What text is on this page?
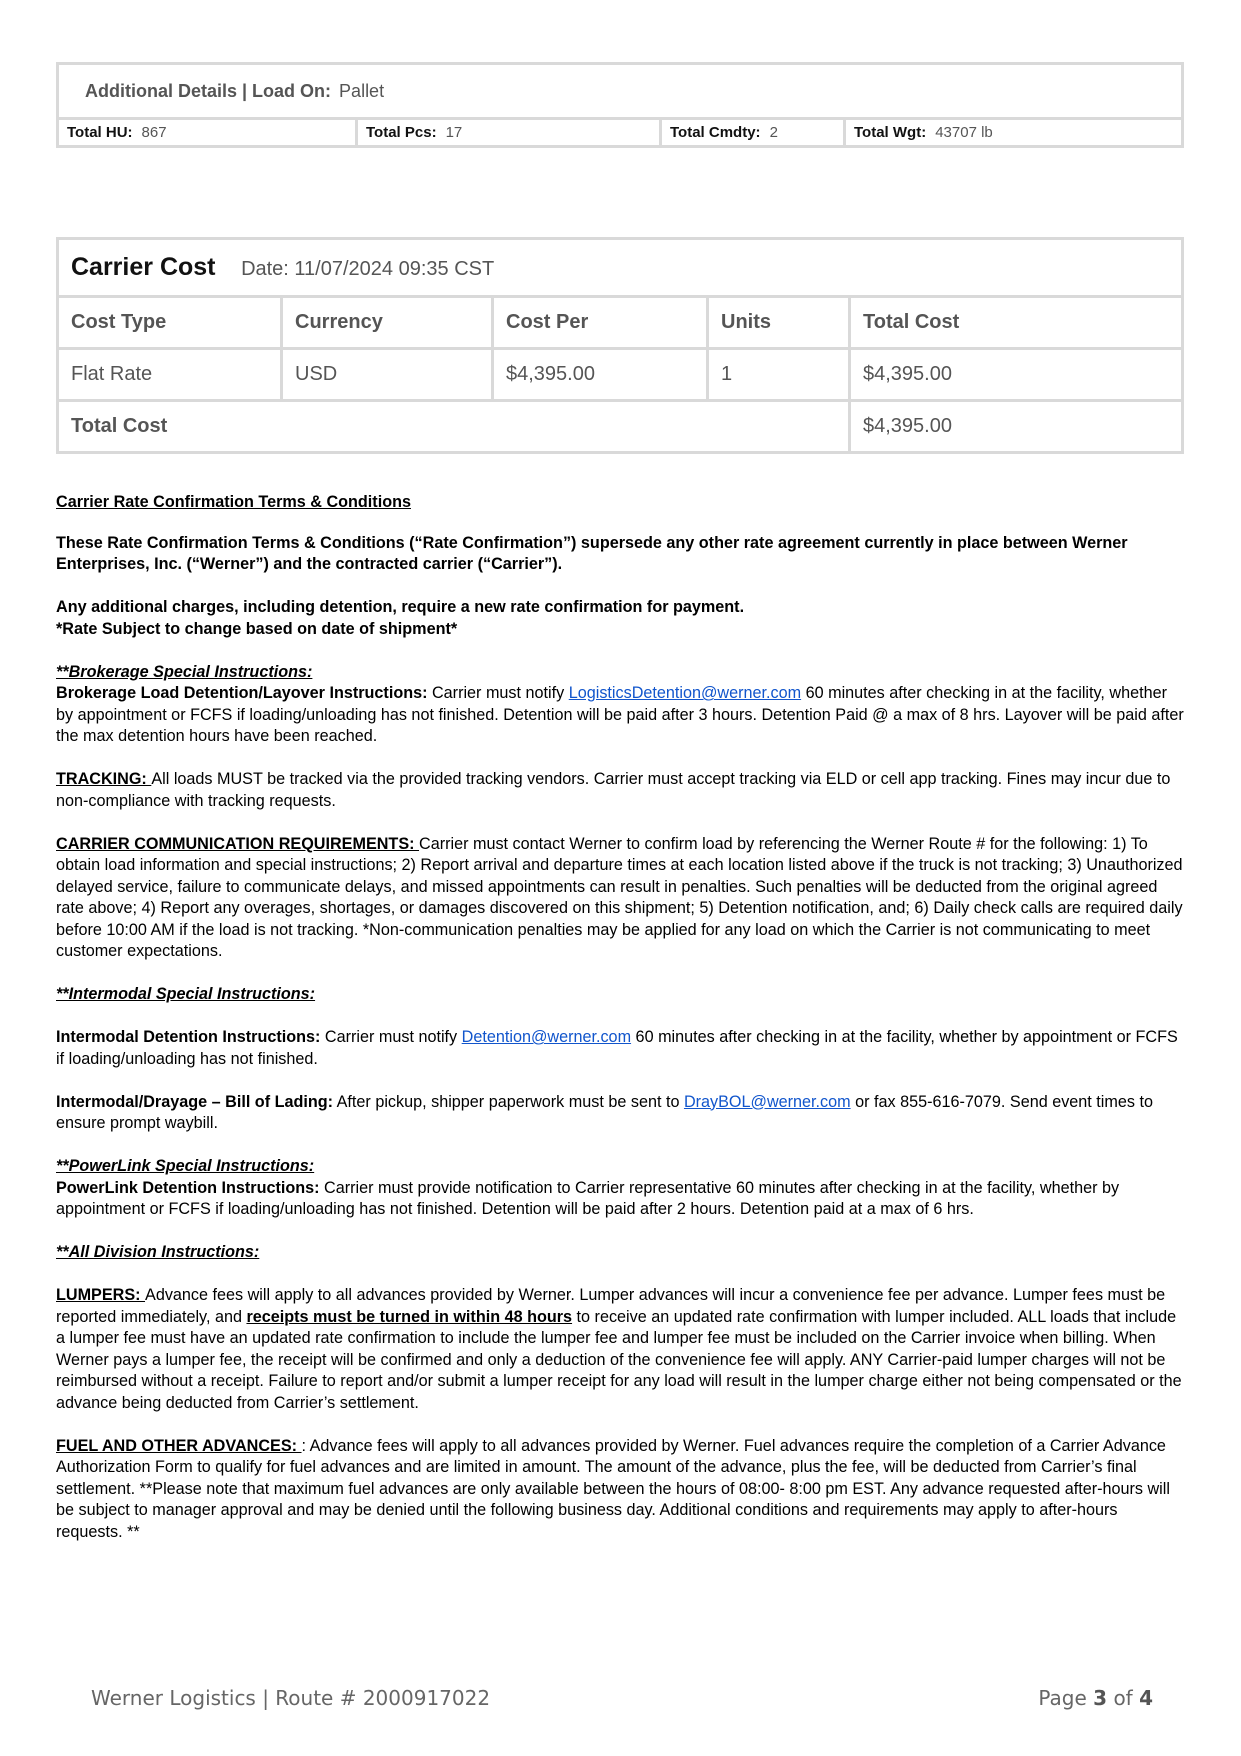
Additional Details | Load On: Pallet
Total HU: 867	Total Pcs: 17	Total Cmdty: 2	Total Wgt: 43707 lb
Carrier Cost Date: 11/07/2024 09:35 CST				
Cost Type	Currency	Cost Per	Units	Total Cost
Flat Rate	USD	$4,395.00	1	$4,395.00
Total Cost				$4,395.00

Carrier Rate Confirmation Terms & Conditions

These Rate Confirmation Terms & Conditions (“Rate Confirmation”) supersede any other rate agreement currently in place between Werner Enterprises, Inc. (“Werner”) and the contracted carrier (“Carrier”).

Any additional charges, including detention, require a new rate confirmation for payment.
*Rate Subject to change based on date of shipment*

**Brokerage Special Instructions:
Brokerage Load Detention/Layover Instructions: Carrier must notify LogisticsDetention@werner.com 60 minutes after checking in at the facility, whether by appointment or FCFS if loading/unloading has not finished. Detention will be paid after 3 hours. Detention Paid @ a max of 8 hrs. Layover will be paid after the max detention hours have been reached.

TRACKING: All loads MUST be tracked via the provided tracking vendors. Carrier must accept tracking via ELD or cell app tracking. Fines may incur due to non-compliance with tracking requests.

CARRIER COMMUNICATION REQUIREMENTS: Carrier must contact Werner to confirm load by referencing the Werner Route # for the following: 1) To obtain load information and special instructions; 2) Report arrival and departure times at each location listed above if the truck is not tracking; 3) Unauthorized delayed service, failure to communicate delays, and missed appointments can result in penalties. Such penalties will be deducted from the original agreed rate above; 4) Report any overages, shortages, or damages discovered on this shipment; 5) Detention notification, and; 6) Daily check calls are required daily before 10:00 AM if the load is not tracking. *Non-communication penalties may be applied for any load on which the Carrier is not communicating to meet customer expectations.

**Intermodal Special Instructions:

Intermodal Detention Instructions: Carrier must notify Detention@werner.com 60 minutes after checking in at the facility, whether by appointment or FCFS if loading/unloading has not finished.

Intermodal/Drayage – Bill of Lading: After pickup, shipper paperwork must be sent to DrayBOL@werner.com or fax 855-616-7079. Send event times to ensure prompt waybill.

**PowerLink Special Instructions:
PowerLink Detention Instructions: Carrier must provide notification to Carrier representative 60 minutes after checking in at the facility, whether by appointment or FCFS if loading/unloading has not finished. Detention will be paid after 2 hours. Detention paid at a max of 6 hrs.

**All Division Instructions:

LUMPERS: Advance fees will apply to all advances provided by Werner. Lumper advances will incur a convenience fee per advance. Lumper fees must be reported immediately, and receipts must be turned in within 48 hours to receive an updated rate confirmation with lumper included. ALL loads that include a lumper fee must have an updated rate confirmation to include the lumper fee and lumper fee must be included on the Carrier invoice when billing. When Werner pays a lumper fee, the receipt will be confirmed and only a deduction of the convenience fee will apply. ANY Carrier-paid lumper charges will not be reimbursed without a receipt. Failure to report and/or submit a lumper receipt for any load will result in the lumper charge either not being compensated or the advance being deducted from Carrier’s settlement.

FUEL AND OTHER ADVANCES: : Advance fees will apply to all advances provided by Werner. Fuel advances require the completion of a Carrier Advance Authorization Form to qualify for fuel advances and are limited in amount. The amount of the advance, plus the fee, will be deducted from Carrier’s final settlement. **Please note that maximum fuel advances are only available between the hours of 08:00- 8:00 pm EST. Any advance requested after-hours will be subject to manager approval and may be denied until the following business day. Additional conditions and requirements may apply to after-hours requests. **

Werner Logistics | Route # 2000917022	Page 3 of 4
